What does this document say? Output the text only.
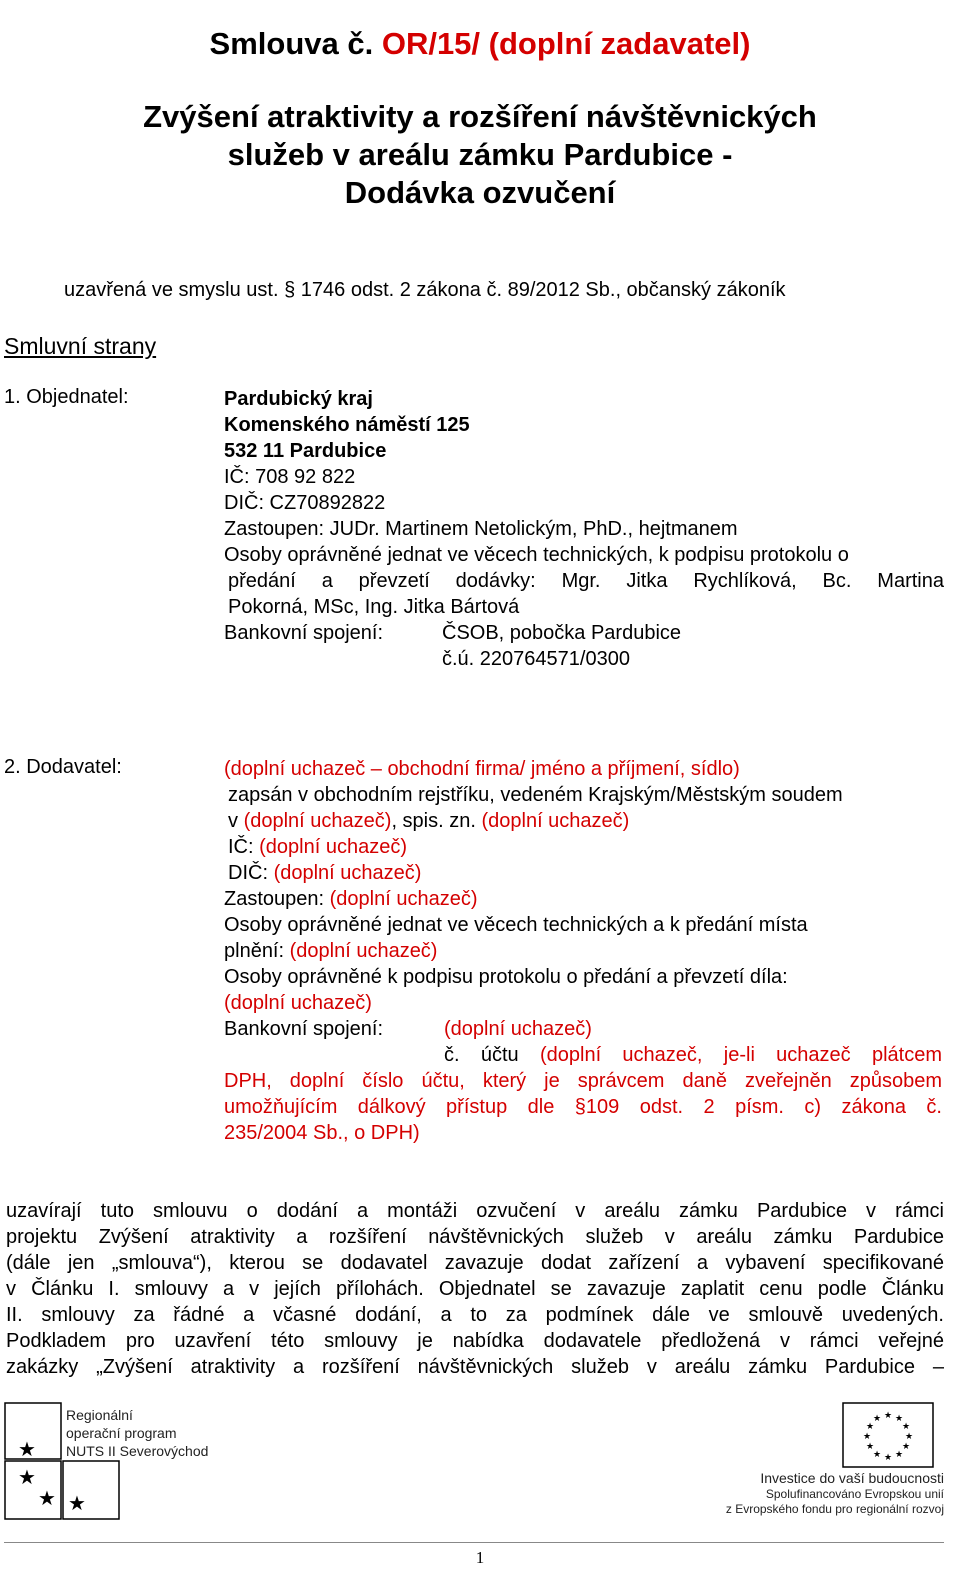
Smlouva č. OR/15/ (doplní zadavatel)
Zvýšení atraktivity a rozšíření návštěvnických
služeb v areálu zámku Pardubice -
Dodávka ozvučení
uzavřená ve smyslu ust. § 1746 odst. 2 zákona č. 89/2012 Sb., občanský zákoník
Smluvní strany
1. Objednatel:	Pardubický kraj
Komenského náměstí 125
532 11 Pardubice
IČ: 708 92 822
DIČ: CZ70892822
Zastoupen: JUDr. Martinem Netolickým, PhD., hejtmanem
Osoby oprávněné jednat ve věcech technických, k podpisu protokolu o
předání a převzetí dodávky: Mgr. Jitka Rychlíková, Bc. Martina
Pokorná, MSc, Ing. Jitka Bártová
Bankovní spojení:	ČSOB, pobočka Pardubice
č.ú. 220764571/0300
2. Dodavatel:	(doplní uchazeč – obchodní firma/ jméno a příjmení, sídlo)
zapsán v obchodním rejstříku, vedeném Krajským/Městským soudem
v (doplní uchazeč), spis. zn. (doplní uchazeč)
IČ: (doplní uchazeč)
DIČ: (doplní uchazeč)
Zastoupen: (doplní uchazeč)
Osoby oprávněné jednat ve věcech technických a k předání místa
plnění: (doplní uchazeč)
Osoby oprávněné k podpisu protokolu o předání a převzetí díla:
(doplní uchazeč)
Bankovní spojení:	(doplní uchazeč)
č. účtu (doplní uchazeč, je-li uchazeč plátcem
DPH, doplní číslo účtu, který je správcem daně zveřejněn způsobem
umožňujícím dálkový přístup dle §109 odst. 2 písm. c) zákona č.
235/2004 Sb., o DPH)
uzavírají tuto smlouvu o dodání a montáži ozvučení v areálu zámku Pardubice v rámci
projektu Zvýšení atraktivity a rozšíření návštěvnických služeb v areálu zámku Pardubice
(dále jen „smlouva“), kterou se dodavatel zavazuje dodat zařízení a vybavení specifikované
v Článku I. smlouvy a v jejích přílohách. Objednatel se zavazuje zaplatit cenu podle Článku
II. smlouvy za řádné a včasné dodání, a to za podmínek dále ve smlouvě uvedených.
Podkladem pro uzavření této smlouvy je nabídka dodavatele předložená v rámci veřejné
zakázky „Zvýšení atraktivity a rozšíření návštěvnických služeb v areálu zámku Pardubice –
★
★
★ ★
Regionální
operační program
NUTS II Severovýchod
★ ★
★
★
★
★
★
★
★
★
★
★
Investice do vaší budoucnosti
Spolufinancováno Evropskou unií
z Evropského fondu pro regionální rozvoj
1
